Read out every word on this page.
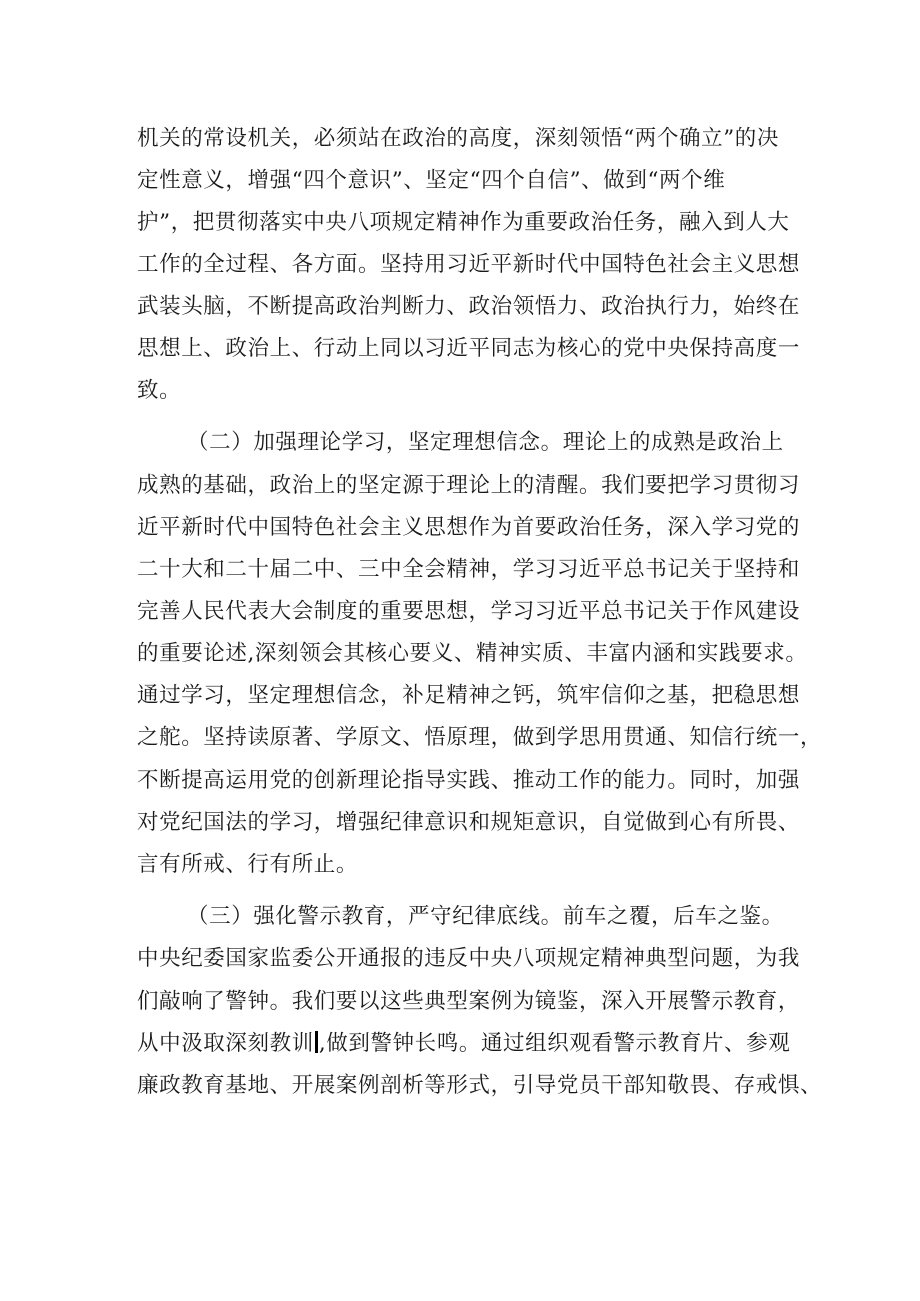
机关的常设机关，必须站在政治的高度，深刻领悟“两个确立”的决
定性意义，增强“四个意识”、坚定“四个自信”、做到“两个维
护”，把贯彻落实中央八项规定精神作为重要政治任务，融入到人大
工作的全过程、各方面。坚持用习近平新时代中国特色社会主义思想
武装头脑，不断提高政治判断力、政治领悟力、政治执行力，始终在
思想上、政治上、行动上同以习近平同志为核心的党中央保持高度一
致。
（二）加强理论学习，坚定理想信念。理论上的成熟是政治上
成熟的基础，政治上的坚定源于理论上的清醒。我们要把学习贯彻习
近平新时代中国特色社会主义思想作为首要政治任务，深入学习党的
二十大和二十届二中、三中全会精神，学习习近平总书记关于坚持和
完善人民代表大会制度的重要思想，学习习近平总书记关于作风建设
的重要论述,深刻领会其核心要义、精神实质、丰富内涵和实践要求。
通过学习，坚定理想信念，补足精神之钙，筑牢信仰之基，把稳思想
之舵。坚持读原著、学原文、悟原理，做到学思用贯通、知信行统一，
不断提高运用党的创新理论指导实践、推动工作的能力。同时，加强
对党纪国法的学习，增强纪律意识和规矩意识，自觉做到心有所畏、
言有所戒、行有所止。
（三）强化警示教育，严守纪律底线。前车之覆，后车之鉴。
中央纪委国家监委公开通报的违反中央八项规定精神典型问题，为我
们敲响了警钟。我们要以这些典型案例为镜鉴，深入开展警示教育，
从中汲取深刻教训 ,做到警钟长鸣。通过组织观看警示教育片、参观
廉政教育基地、开展案例剖析等形式，引导党员干部知敬畏、存戒惧、
